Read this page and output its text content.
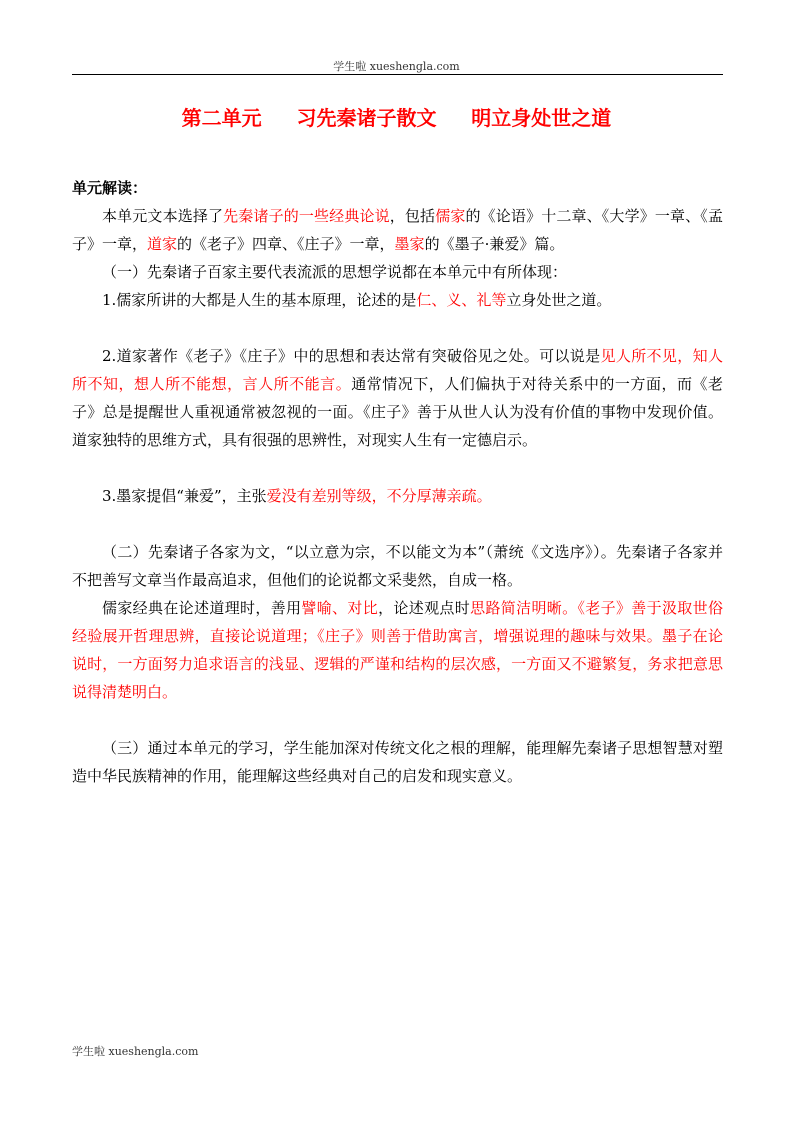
学生啦 xueshengla.com
第二单元     习先秦诸子散文     明立身处世之道

单元解读：

本单元文本选择了先秦诸子的一些经典论说，包括儒家的《论语》十二章、《大学》一章、《孟子》一章，道家的《老子》四章、《庄子》一章，墨家的《墨子·兼爱》篇。

（一）先秦诸子百家主要代表流派的思想学说都在本单元中有所体现：

1.儒家所讲的大都是人生的基本原理，论述的是仁、义、礼等立身处世之道。

2.道家著作《老子》《庄子》中的思想和表达常有突破俗见之处。可以说是见人所不见，知人所不知，想人所不能想，言人所不能言。通常情况下，人们偏执于对待关系中的一方面，而《老子》总是提醒世人重视通常被忽视的一面。《庄子》善于从世人认为没有价值的事物中发现价值。道家独特的思维方式，具有很强的思辨性，对现实人生有一定德启示。

3.墨家提倡“兼爱”，主张爱没有差别等级，不分厚薄亲疏。

（二）先秦诸子各家为文，“以立意为宗，不以能文为本”（萧统《文选序》）。先秦诸子各家并不把善写文章当作最高追求，但他们的论说都文采斐然，自成一格。

儒家经典在论述道理时，善用譬喻、对比，论述观点时思路简洁明晰。《老子》善于汲取世俗经验展开哲理思辨，直接论说道理；《庄子》则善于借助寓言，增强说理的趣味与效果。墨子在论说时，一方面努力追求语言的浅显、逻辑的严谨和结构的层次感，一方面又不避繁复，务求把意思说得清楚明白。

（三）通过本单元的学习，学生能加深对传统文化之根的理解，能理解先秦诸子思想智慧对塑造中华民族精神的作用，能理解这些经典对自己的启发和现实意义。

学生啦 xueshengla.com
